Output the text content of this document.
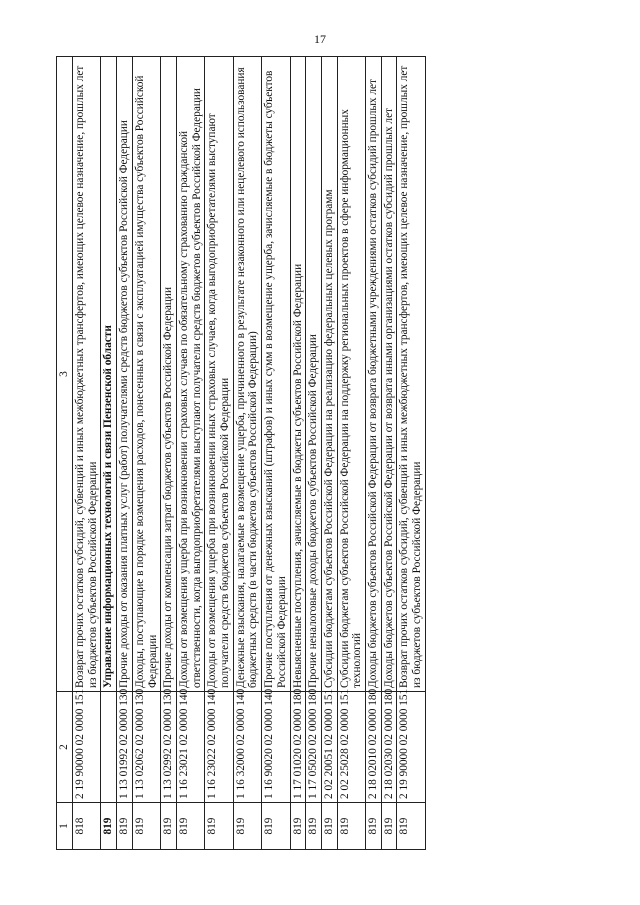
17
1	2	3
818	2 19 90000 02 0000 151	Возврат прочих остатков субсидий, субвенций и иных межбюджетных трансфертов, имеющих целевое назначение, прошлых лет из бюджетов субъектов Российской Федерации
819		Управление информационных технологий и связи Пензенской области
819	1 13 01992 02 0000 130	Прочие доходы от оказания платных услуг (работ) получателями средств бюджетов субъектов Российской Федерации
819	1 13 02062 02 0000 130	Доходы, поступающие в порядке возмещения расходов, понесенных в связи с эксплуатацией имущества субъектов Российской Федерации
819	1 13 02992 02 0000 130	Прочие доходы от компенсации затрат бюджетов субъектов Российской Федерации
819	1 16 23021 02 0000 140	Доходы от возмещения ущерба при возникновении страховых случаев по обязательному страхованию гражданской ответственности, когда выгодоприобретателями выступают получатели средств бюджетов субъектов Российской Федерации
819	1 16 23022 02 0000 140	Доходы от возмещения ущерба при возникновении иных страховых случаев, когда выгодоприобретателями выступают получатели средств бюджетов субъектов Российской Федерации
819	1 16 32000 02 0000 140	Денежные взыскания, налагаемые в возмещение ущерба, причиненного в результате незаконного или нецелевого использования бюджетных средств (в части бюджетов субъектов Российской Федерации)
819	1 16 90020 02 0000 140	Прочие поступления от денежных взысканий (штрафов) и иных сумм в возмещение ущерба, зачисляемые в бюджеты субъектов Российской Федерации
819	1 17 01020 02 0000 180	Невыясненные поступления, зачисляемые в бюджеты субъектов Российской Федерации
819	1 17 05020 02 0000 180	Прочие неналоговые доходы бюджетов субъектов Российской Федерации
819	2 02 20051 02 0000 151	Субсидии бюджетам субъектов Российской Федерации на реализацию федеральных целевых программ
819	2 02 25028 02 0000 151	Субсидии бюджетам субъектов Российской Федерации на поддержку региональных проектов в сфере информационных технологий
819	2 18 02010 02 0000 180	Доходы бюджетов субъектов Российской Федерации от возврата бюджетными учреждениями остатков субсидий прошлых лет
819	2 18 02030 02 0000 180	Доходы бюджетов субъектов Российской Федерации от возврата иными организациями остатков субсидий прошлых лет
819	2 19 90000 02 0000 151	Возврат прочих остатков субсидий, субвенций и иных межбюджетных трансфертов, имеющих целевое назначение, прошлых лет из бюджетов субъектов Российской Федерации
